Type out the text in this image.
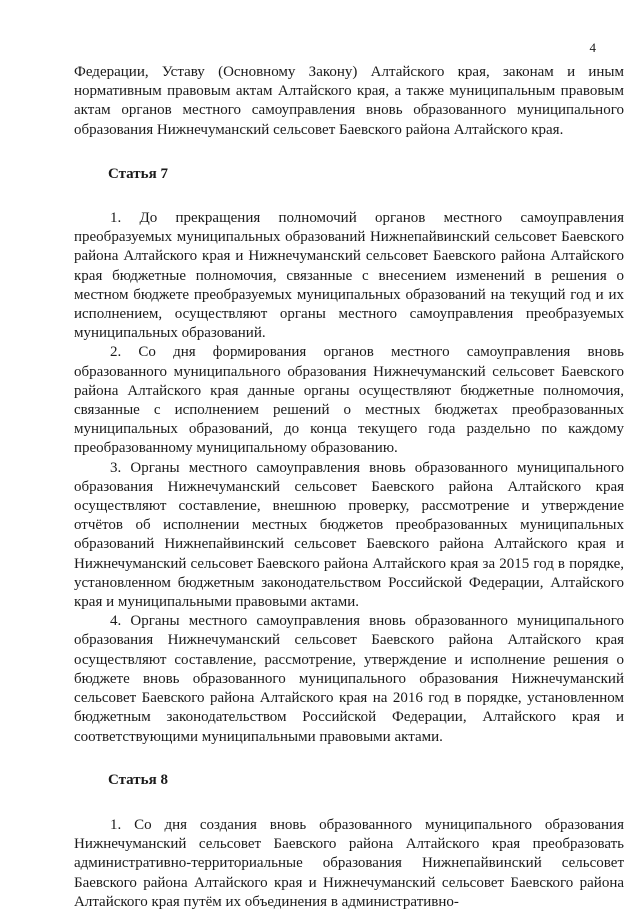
4

Федерации, Уставу (Основному Закону) Алтайского края, законам и иным нормативным правовым актам Алтайского края, а также муниципальным правовым актам органов местного самоуправления вновь образованного муниципального образования Нижнечуманский сельсовет Баевского района Алтайского края.

Статья 7

1. До прекращения полномочий органов местного самоуправления преобразуемых муниципальных образований Нижнепайвинский сельсовет Баевского района Алтайского края и Нижнечуманский сельсовет Баевского района Алтайского края бюджетные полномочия, связанные с внесением изменений в решения о местном бюджете преобразуемых муниципальных образований на текущий год и их исполнением, осуществляют органы местного самоуправления преобразуемых муниципальных образований.

2. Со дня формирования органов местного самоуправления вновь образованного муниципального образования Нижнечуманский сельсовет Баевского района Алтайского края данные органы осуществляют бюджетные полномочия, связанные с исполнением решений о местных бюджетах преобразованных муниципальных образований, до конца текущего года раздельно по каждому преобразованному муниципальному образованию.

3. Органы местного самоуправления вновь образованного муниципального образования Нижнечуманский сельсовет Баевского района Алтайского края осуществляют составление, внешнюю проверку, рассмотрение и утверждение отчётов об исполнении местных бюджетов преобразованных муниципальных образований Нижнепайвинский сельсовет Баевского района Алтайского края и Нижнечуманский сельсовет Баевского района Алтайского края за 2015 год в порядке, установленном бюджетным законодательством Российской Федерации, Алтайского края и муниципальными правовыми актами.

4. Органы местного самоуправления вновь образованного муниципального образования Нижнечуманский сельсовет Баевского района Алтайского края осуществляют составление, рассмотрение, утверждение и исполнение решения о бюджете вновь образованного муниципального образования Нижнечуманский сельсовет Баевского района Алтайского края на 2016 год в порядке, установленном бюджетным законодательством Российской Федерации, Алтайского края и соответствующими муниципальными правовыми актами.

Статья 8

1. Со дня создания вновь образованного муниципального образования Нижнечуманский сельсовет Баевского района Алтайского края преобразовать административно-территориальные образования Нижнепайвинский сельсовет Баевского района Алтайского края и Нижнечуманский сельсовет Баевского района Алтайского края путём их объединения в административно-
